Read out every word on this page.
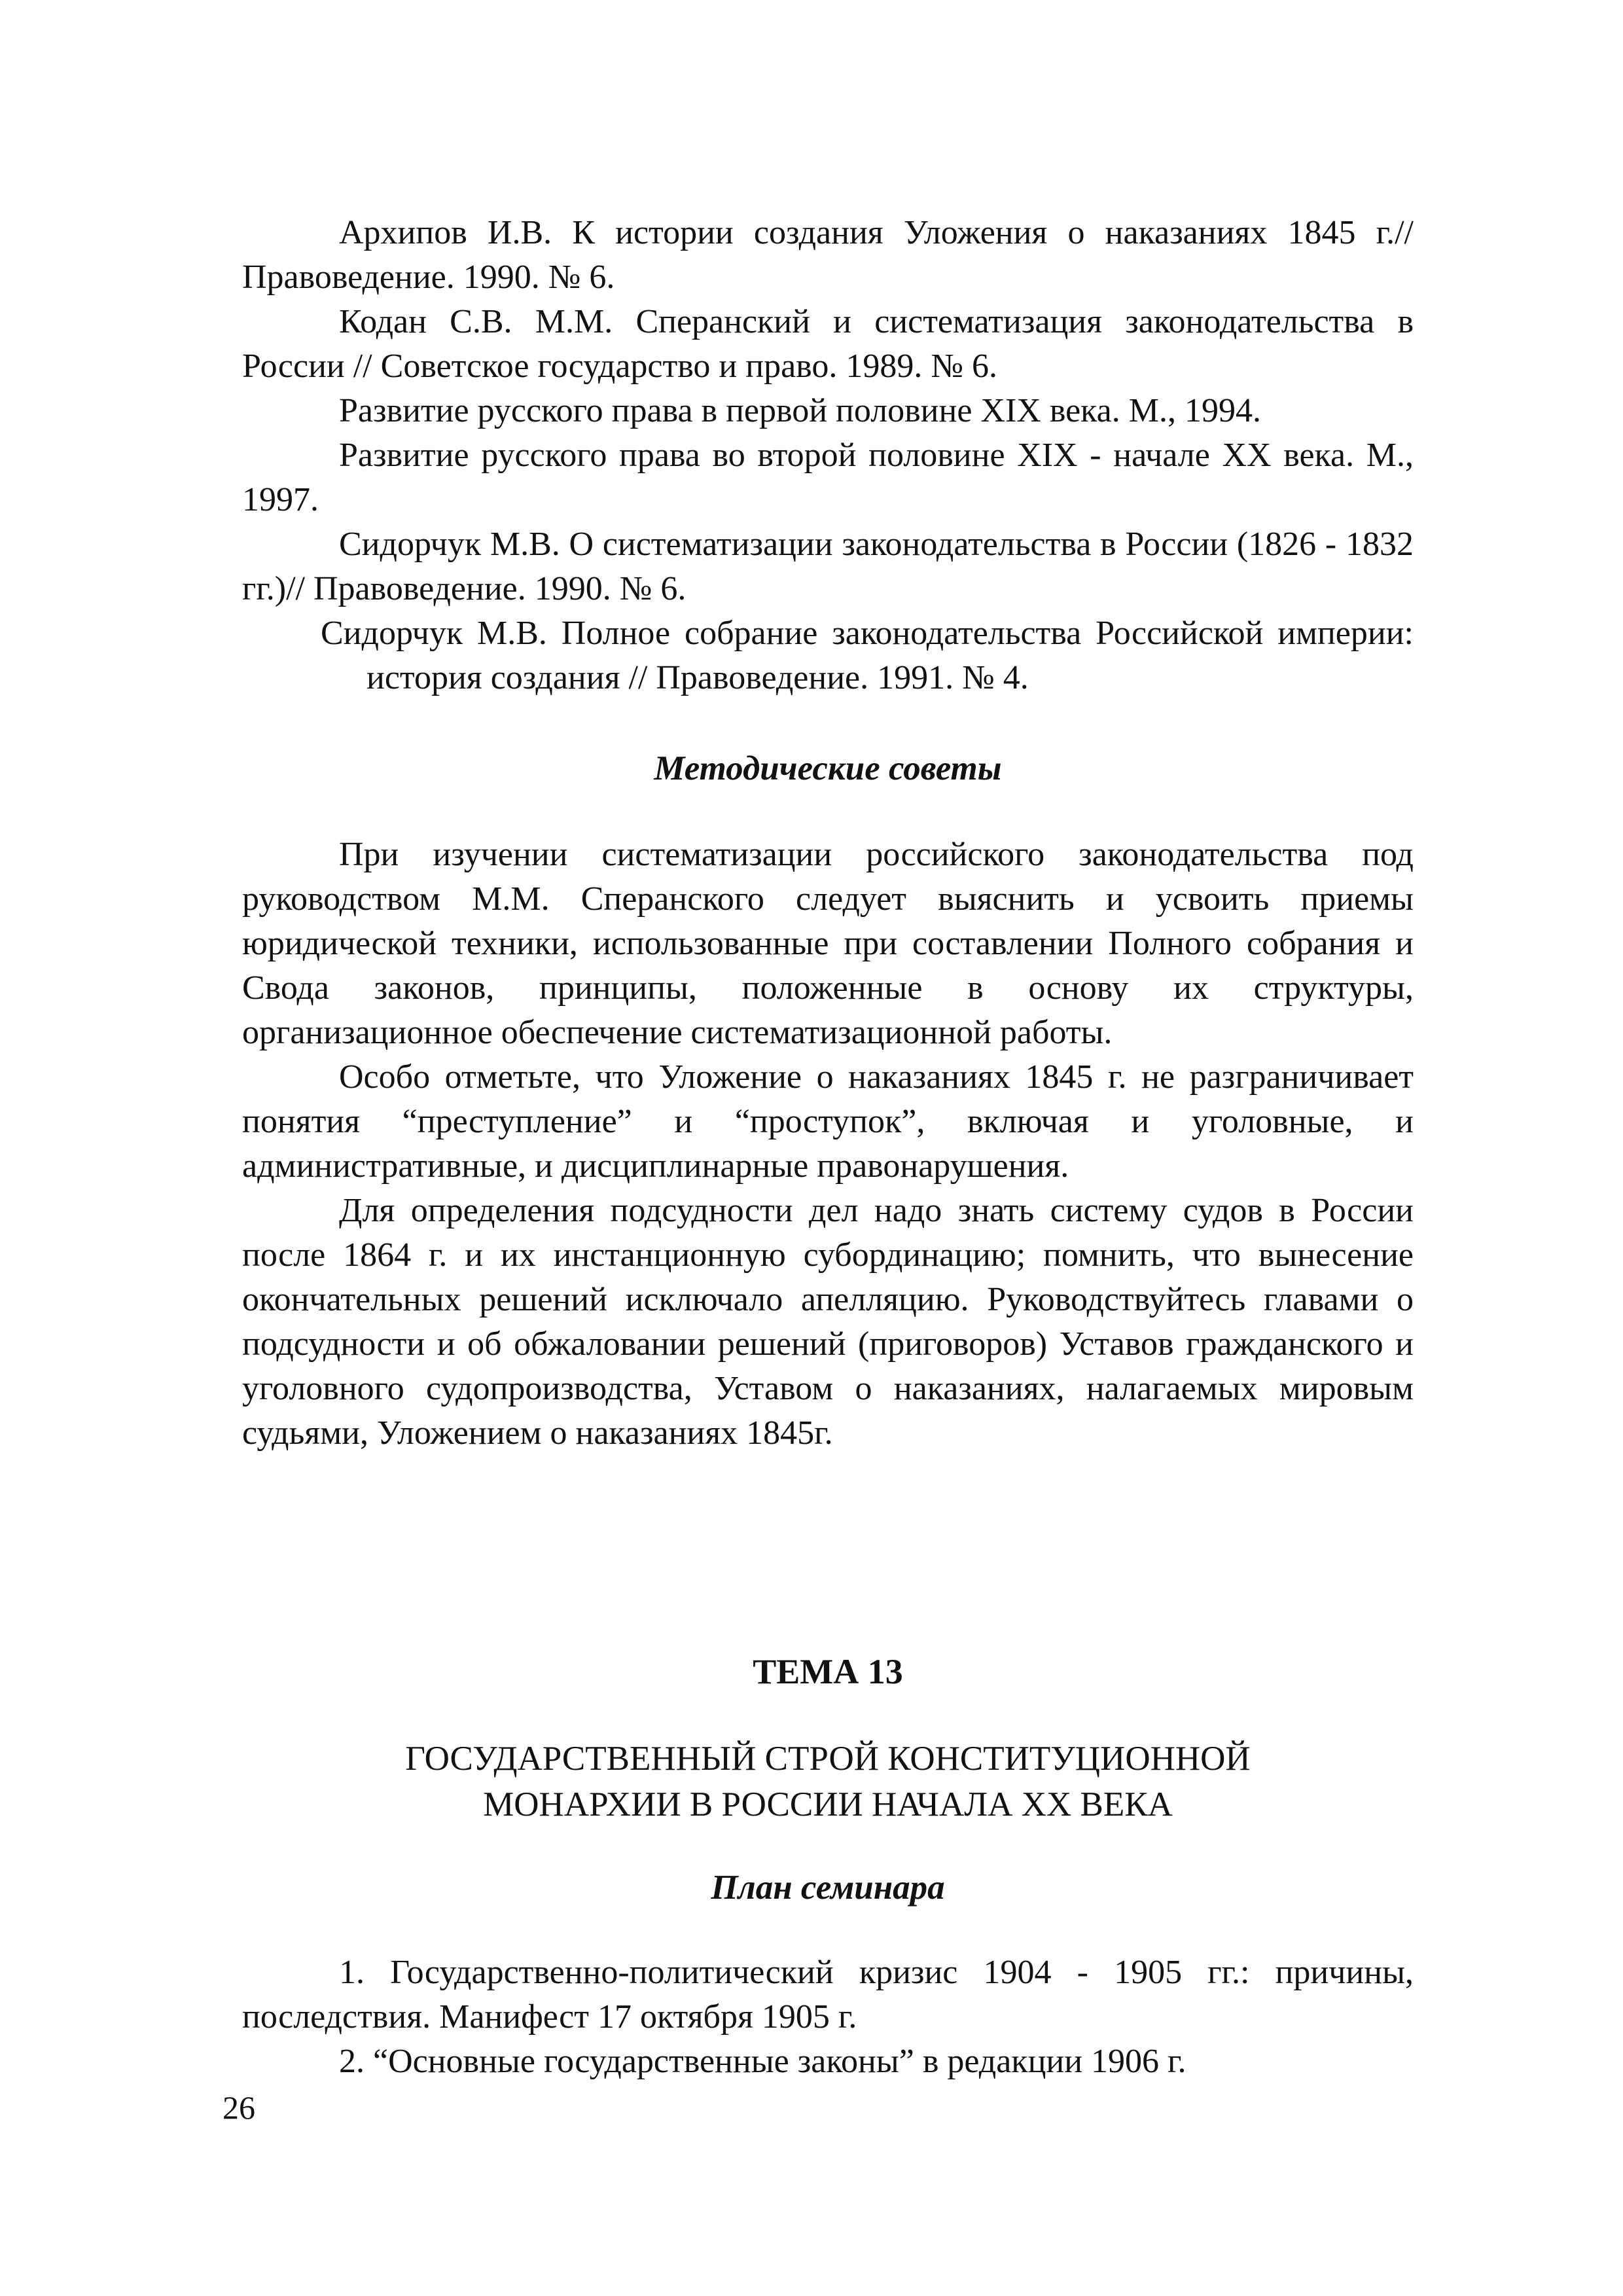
Архипов И.В. К истории создания Уложения о наказаниях 1845 г.// Правоведение. 1990. № 6.

Кодан С.В. М.М. Сперанский и систематизация законодательства в России // Советское государство и право. 1989. № 6.

Развитие русского права в первой половине XIX века. М., 1994.

Развитие русского права во второй половине XIX - начале XX века. М., 1997.

Сидорчук М.В. О систематизации законодательства в России (1826 - 1832 гг.)// Правоведение. 1990. № 6.

Сидорчук М.В. Полное собрание законодательства Российской империи: история создания // Правоведение. 1991. № 4.

Методические советы

При изучении систематизации российского законодательства под руководством М.М. Сперанского следует выяснить и усвоить приемы юридической техники, использованные при составлении Полного собрания и Свода законов, принципы, положенные в основу их структуры, организационное обеспечение систематизационной работы.

Особо отметьте, что Уложение о наказаниях 1845 г. не разграничивает понятия “преступление” и “проступок”, включая и уголовные, и административные, и дисциплинарные правонарушения.

Для определения подсудности дел надо знать систему судов в России после 1864 г. и их инстанционную субординацию; помнить, что вынесение окончательных решений исключало апелляцию. Руководствуйтесь главами о подсудности и об обжаловании решений (приговоров) Уставов гражданского и уголовного судопроизводства, Уставом о наказаниях, налагаемых мировым судьями, Уложением о наказаниях 1845г.

ТЕМА 13

ГОСУДАРСТВЕННЫЙ СТРОЙ КОНСТИТУЦИОННОЙ МОНАРХИИ В РОССИИ НАЧАЛА XX ВЕКА

План семинара

1. Государственно-политический кризис 1904 - 1905 гг.: причины, последствия. Манифест 17 октября 1905 г.

2. “Основные государственные законы” в редакции 1906 г.

26
